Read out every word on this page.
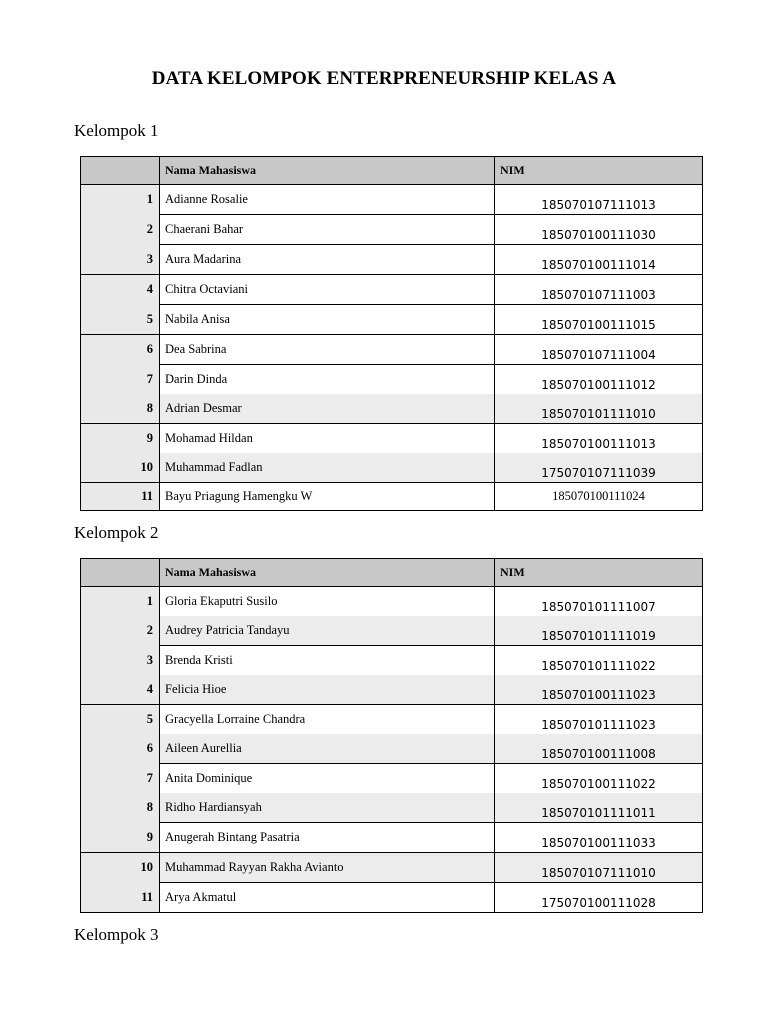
DATA KELOMPOK ENTERPRENEURSHIP KELAS A
Kelompok 1
	Nama Mahasiswa	NIM
1	Adianne Rosalie	185070107111013
2	Chaerani Bahar	185070100111030
3	Aura Madarina	185070100111014
4	Chitra Octaviani	185070107111003
5	Nabila Anisa	185070100111015
6	Dea Sabrina	185070107111004
7	Darin Dinda	185070100111012
8	Adrian Desmar	185070101111010
9	Mohamad Hildan	185070100111013
10	Muhammad Fadlan	175070107111039
11	Bayu Priagung Hamengku W	185070100111024
Kelompok 2
	Nama Mahasiswa	NIM
1	Gloria Ekaputri Susilo	185070101111007
2	Audrey Patricia Tandayu	185070101111019
3	Brenda Kristi	185070101111022
4	Felicia Hioe	185070100111023
5	Gracyella Lorraine Chandra	185070101111023
6	Aileen Aurellia	185070100111008
7	Anita Dominique	185070100111022
8	Ridho Hardiansyah	185070101111011
9	Anugerah Bintang Pasatria	185070100111033
10	Muhammad Rayyan Rakha Avianto	185070107111010
11	Arya Akmatul	175070100111028
Kelompok 3
